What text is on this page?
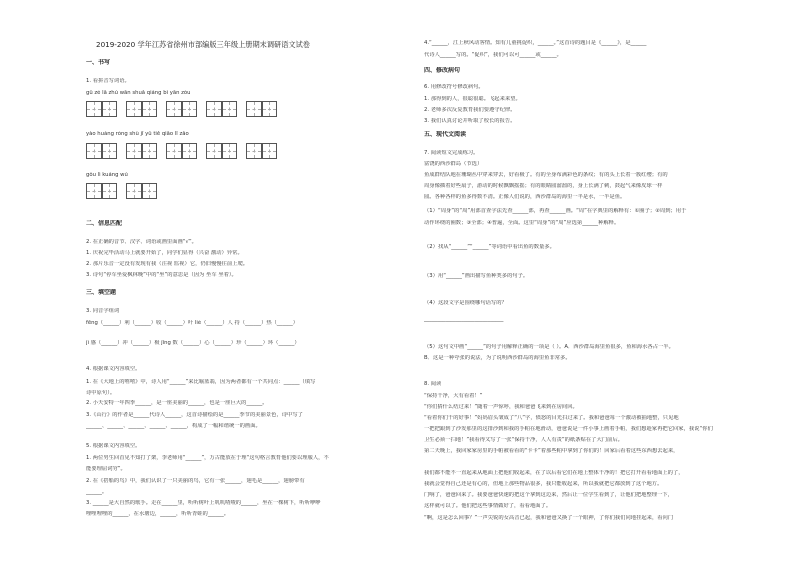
2019-2020 学年江苏省徐州市部编版三年级上册期末调研语文试卷
一、书写
1. 看拼音写词语。
gǔ zé lā zhú wān shuǎ qiáng bì yān zòu
yào huáng róng shù jǐ yǔ tiě qiāo lǐ zǎo
gǒu lì kuáng wú
二、信息匹配
2. 在正确的音节、汉字、词语或画里面画“√”。
1. 庆祝完毕活动马上就要开始了，同学们显得（兴奋 激动）异常。
2. 那片乐音一定没有发现有我（注视 监视）它，仍旧慢慢往前上爬。
3. 诗句“停车坐爱枫林晚”中的“坐”的意思是（因为 坐车 坐着）。
三、填空题
3. 同音字组词
fēng（______）利（______）收（______）叶 liè（______）人 持（______）热（______）
jì 感（______）冲（______）极 jīng 数（______）心（______）珍（______）环（______）
4. 根据课文内容填空。
1. 在《大地上的嘻嘻》中，诗人用“______”来比喻蓝翡，因为两者都有一个共同点：______（填写
诗中原句）。
2. 小天安特一年四季______，是一座美丽的______，也是一座巨大的______。
3.《山行》的作者是______代诗人______，这首诗描绘的是______季节的美丽景色，诗中写了
______、______、______、______、______，构成了一幅和谐统一的画面。
5. 根据课文内容填空。
1. 两位男生回首见不知打了架，李老师用“______”，万古能放在于理“这句格言教育他们要以理服人，不
能要理屈词穷”。
2. 在《搭船的鸟》中，我们认识了一只美丽的鸟，它有一张______，翅毛是______，翅膀带有
______。
3. ______是大自然的歌手。走在______里，听听树叶上叽叽喳喳的______，坐在一棵树下，听听咿咿
哩哩哩哩的______，在水塘边，______，听听青蛙的______。
4.“______，江上秋风动客情。知有儿童挑促织，______。”这首诗的题目是《______》，是______
代诗人______写的。“促织”，我们可以可______或______。
四、修改病句
6. 用修改符号修改病句。
1. 那得到的人，很聪很聪。飞起来来望。
2. 老师多次反复教育我们要遵守纪律。
3. 我们认真讨论并听取了校长的报告。
五、现代文阅读
7. 阅读短文完成练习。
富饶的西沙群岛（节选）
鱼成群结队地在珊瑚丛中穿来穿去，好看极了。有的全身布满彩色的条纹；有的头上长着一簇红缨；有的
周身像插着好些扇子，游动的时候飘飘摇摇；有的眼睛圆溜溜的，身上长满了刺，鼓起气来像皮球一样
圆。各种各样的鱼多得数不清。正像人们说的，西沙群岛的海里一半是水，一半是鱼。
（1）“周身”的“周”用部首查字法先查______部，再查______画。“周”在字典里的解释有：①圈子；②周到；用于
动作环绕的圈数；③全部；④普遍，全面。这里“周身”的“周”应选第______种解释。
（2）找从“______”“______”等词语中看出鱼的数量多。
（3）用“______”画出描写鱼种类多的句子。
（4）这段文字是围绕哪句话写的？
______________________________
（5）这句文中画“______”的句子用解释正确的一项是（ ）。A．西沙群岛海里鱼很多，鱼和海水各占一半。
B．这是一种夸张的说法，为了说明西沙群岛的海里鱼非常多。
8. 阅读
“保持干净，大有看着！”
“你们猜什么结过来！”随着一声惊呼，我和爸爸飞来到在房间回。
“看着你们干的好事！”妈妈眉头皱成了“八”字，愤怒的目光扫过来了。我和爸爸每一个激动被抽地整，只见地
一把把跟到了沙发那里的这排沙到和我的手帕在地滑动，爸爸说是一件小事上画着手帕，我们想趁家再把它回家，我说“你们
卫生必须一扫地！”我看得又写了一张“保持干净，人人有责”的纸条贴在了大门前后。
第二天晚上，我回家家房里的手帕被看看的“卡卡”着那些帕中拿到了你们的！回家后看着这些东西想去起来，
我们都不能不一直起来从地面上把他们收起来，在了以后看它们在地上整体干净的！把它打开看看地面上的了，
我就会觉得自己还是有心的，但地上那些物品很多，我只能收起来，所以我就把它都放到了这个地方。
门响了，爸爸回来了。我要爸爸快速的把这个拿到这边来，然后让一位学生看到了，让他们把地整理一下，
这样就可以了。他们把这些事情做好了，看看地面了。
“啊，这是怎么回事？”一声尖锐的女高音已起，我和爸爸又换了一个眼神，了你们我们同地挂起来，看向门
